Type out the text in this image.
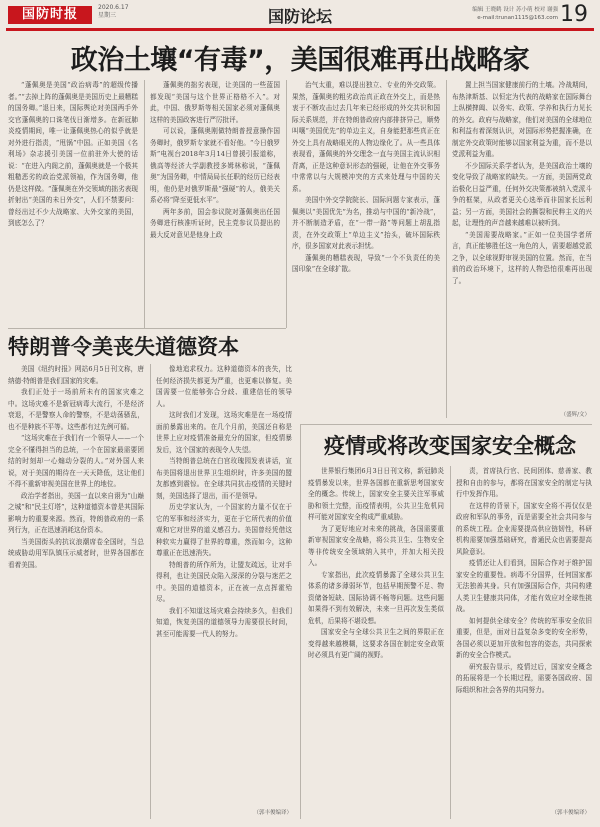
国防时报	2020.6.17
星期三	国防论坛	编辑 王晓鹤 设计 苏小萌 校对 谢强
e-mail:trunan1115@163.com 19
政治土壤“有毒”，美国很难再出战略家

“蓬佩奥是美国“政治病毒”的超级传播者。”“去掉上阵的蓬佩奥是美国历史上最糟糕的国务卿。”退日来，国际舆论对美国两手外交官蓬佩奥的口诛笔伐日渐增多。在新冠肺炎疫情期间，唯一让蓬佩奥热心的似乎就是对外进行指责，“甩锅”中国。正如美国《名利场》杂志援引美国一位前驻外大使的话说：“在进入内阁之前，蓬佩奥就是一个极其粗糙恶劣的政治党派领袖，作为国务卿，他仍是这样做。“蓬佩奥在外交领域的拙劣表现折射出“美国的未日外交”，人们不禁要问：曾经出过不少大战略家、大外交家的美国，到底怎么了？

蓬佩奥的拙劣表现，让美国的一些蓝国都发现“美国与这个世界正格格不入”。对此，中国、俄罗斯等相关国家必须对蓬佩奥这样的美国政客进行严厉批评。

可以说，蓬佩奥刚做特朗普授意操作国务卿时，俄罗斯专家就不看好他。“今日俄罗斯”电视台2018年3月14日曾援引报道称，俄高等经济大学副教授多姆林称说，“蓬佩奥”为国务卿，中情局局长任职的经历已经表明，他仍是对俄罗斯最“强硬”的人，俄美关系必将“降至更低水平”。

两年多前，国会参议院对蓬佩奥出任国务卿进行核准听证时，民主党参议员提出的最大反对意见是他身上政

治气太重，难以提出独立、专业的外交政策。果然，蓬佩奥的粗劣政治真正政在外交上，而是热衷于不断攻击过去几年来已经形成的外交共识和国际关系规范，并在特朗普政府内部排挤异己，顺势叫嚷“美国优先”的单边主义，自身能把那些真正在外交上具有战略眼光的人物边缘化了。从一些具体表现看，蓬佩奥的外交理念一直与美国主流认识相背离，正是这种意识形态的强硬，让他在外交事务中常常以与大规模冲突的方式来处理与中国的关系。

美国中外交学院院长、国际问题专家表示，蓬佩奥以“美国优先”为名，推动与中国的“新冷战”，并不断制造矛盾，在“一带一路”等问题上胡乱指责，在外交政策上“单边主义”抬头，破坏国际秩序，很多国家对此表示担忧。

蓬佩奥的糟糕表现，导致“一个不负责任的美国印象”在全球扩散。

置上担当国家健康前行的土壤。冷战期间，布热津斯基、以恒定为代表的战略家在国际舞台上纵横捭阖、以务实、政策、学养和执行力见长的外交。政府与战略家，他们对美国的全球地位和利益有着深刻认识，对国际形势把握准确，在制定外交政策时能够以国家利益为重，而不是以党派利益为重。

不少国际关系学者认为，是美国政治土壤的变化导致了战略家的缺失。一方面，美国两党政治极化日益严重，任何外交决策都被纳入党派斗争的框架，从政者更关心选举而非国家长远利益；另一方面，美国社会的撕裂和民粹主义的兴起，让理性的声音越来越难以被听到。

“美国需要战略家。”正如一位美国学者所言，真正能够胜任这一角色的人，需要超越党派之争，以全球视野审视美国的位置。然而，在当前的政治环境下，这样的人物恐怕很难再出现了。

（盛辉/文）
特朗普令美丧失道德资本

美国《纽约时报》网站6月5日刊文称，唐纳德·特朗普是我们国家的灾难。

我们正处于一场前所未有的国家灾难之中。这场灾难不是新冠病毒大流行，不是经济衰退，不是警察人命的警察，不是动荡骚乱，也不是种族不平等。这些都有过先例可循。

“这场灾难在于我们有一个领导人——一个完全不懂得担当的总统，一个在国家最需要团结的时刻却一心煽动分裂的人。”对外国人来说，对于美国的期待在一天天降低，这让他们不得不重新审视美国在世界上的地位。

政治学者指出，美国一直以来自诩为“山巅之城”和“民主灯塔”，这种道德资本曾是其国际影响力的重要来源。然而，特朗普政府的一系列行为，正在迅速消耗这份资本。

当美国街头的抗议浪潮席卷全国时，当总统威胁动用军队镇压示威者时，世界各国都在看着美国。

像地追求权力。这种道德资本的丧失，比任何经济损失都更为严重，也更难以修复。美国需要一位能够弥合分歧、重建信任的领导人。

这时我们才发现，这场灾难是在一场疫情面前暴露出来的。在几个月前，美国还自称是世界上应对疫情准备最充分的国家，但疫情暴发后，这个国家的表现令人失望。

当特朗普总统在白宫玫瑰园发表讲话，宣布美国将退出世界卫生组织时，许多美国的盟友都感到震惊。在全球共同抗击疫情的关键时刻，美国选择了退出，而不是领导。

历史学家认为，一个国家的力量不仅在于它的军事和经济实力，更在于它所代表的价值观和它对世界的道义感召力。美国曾经凭借这种软实力赢得了世界的尊重，然而如今，这种尊重正在迅速消失。

特朗普的所作所为，让盟友疏远，让对手得利，也让美国民众陷入深深的分裂与迷茫之中。美国的道德资本，正在被一点点挥霍殆尽。

我们不知道这场灾难会持续多久，但我们知道，恢复美国的道德领导力需要很长时间，甚至可能需要一代人的努力。

（郭丰俊编译）
疫情或将改变国家安全概念

世界银行集团6月3日日刊文称，新冠肺炎疫情暴发以来，世界各国都在重新思考国家安全的概念。传统上，国家安全主要关注军事威胁和领土完整，而疫情表明，公共卫生危机同样可能对国家安全构成严重威胁。

为了更好地应对未来的挑战，各国需要重新审视国家安全战略，将公共卫生、生物安全等非传统安全领域纳入其中，并加大相关投入。

专家指出，此次疫情暴露了全球公共卫生体系的诸多薄弱环节，包括早期预警不足、物资储备短缺、国际协调不畅等问题。这些问题如果得不到有效解决，未来一旦再次发生类似危机，后果将不堪设想。

国家安全与全球公共卫生之间的界限正在变得越来越模糊，这要求各国在制定安全政策时必须具有更广阔的视野。

责，首席执行官、民间团体、慈善家、教授和自由的参与，都将在国家安全的制定与执行中发挥作用。

在这样的背景下，国家安全将不再仅仅是政府和军队的事务，而是需要全社会共同参与的系统工程。企业需要提高供应链韧性，科研机构需要加强基础研究，普通民众也需要提高风险意识。

疫情还让人们看到，国际合作对于维护国家安全的重要性。病毒不分国界，任何国家都无法独善其身。只有加强国际合作，共同构建人类卫生健康共同体，才能有效应对全球性挑战。

如何提供全球安全？传统的军事安全依旧重要，但是，面对日益复杂多变的安全形势，各国必须以更加开放和包容的姿态，共同探索新的安全合作模式。

研究报告显示，疫情过后，国家安全概念的拓展将是一个长期过程，需要各国政府、国际组织和社会各界的共同努力。

（郭丰俊编译）
